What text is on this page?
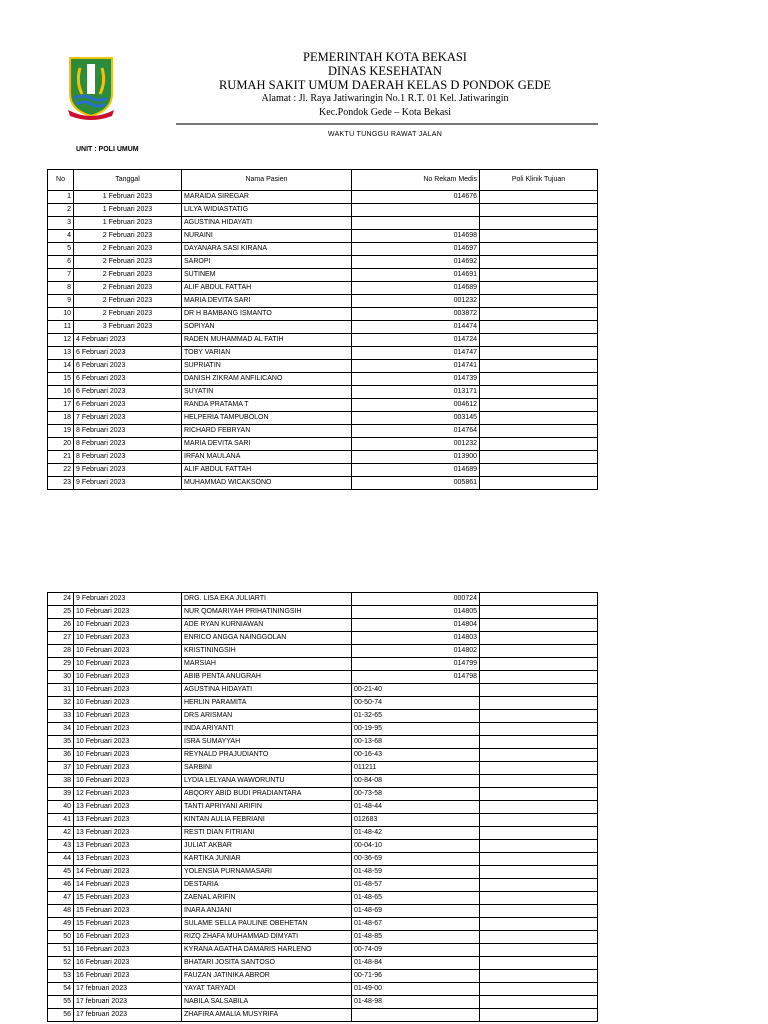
PEMERINTAH KOTA BEKASI
DINAS KESEHATAN
RUMAH SAKIT UMUM DAERAH KELAS D PONDOK GEDE
Alamat : Jl. Raya Jatiwaringin No.1 R.T. 01 Kel. Jatiwaringin
Kec.Pondok Gede – Kota Bekasi
WAKTU TUNGGU RAWAT JALAN
UNIT : POLI UMUM
No	Tanggal	Nama Pasien	No Rekam Medis	Poli Klinik Tujuan
1	1 Februari 2023	MARAIDA SIREGAR	014676	
2	1 Februari 2023	LILYA WIDIASTATIG		
3	1 Februari 2023	AGUSTINA HIDAYATI		
4	2 Februari 2023	NURAINI	014698	
5	2 Februari 2023	DAYANARA SASI KIRANA	014697	
6	2 Februari 2023	SAROPI	014692	
7	2 Februari 2023	SUTINEM	014691	
8	2 Februari 2023	ALIF ABDUL FATTAH	014689	
9	2 Februari 2023	MARIA DEVITA SARI	001232	
10	2 Februari 2023	DR H BAMBANG ISMANTO	003872	
11	3 Februari 2023	SOPIYAN	014474	
12	4 Februari 2023	RADEN MUHAMMAD AL FATIH	014724	
13	6 Februari 2023	TOBY VARIAN	014747	
14	6 Februari 2023	SUPRIATIN	014741	
15	6 Februari 2023	DANISH ZIKRAM ANFILICANO	014739	
16	6 Februari 2023	SUYATIN	013171	
17	6 Februari 2023	RANDA PRATAMA T	004612	
18	7 Februari 2023	HELPERIA TAMPUBOLON	003145	
19	8 Februari 2023	RICHARD FEBRYAN	014764	
20	8 Februari 2023	MARIA DEVITA SARI	001232	
21	8 Februari 2023	IRFAN MAULANA	013900	
22	9 Februari 2023	ALIF ABDUL FATTAH	014689	
23	9 Februari 2023	MUHAMMAD WICAKSONO	005861	
24	9 Februari 2023	DRG. LISA EKA JULIARTI	000724	
25	10 Februari 2023	NUR QOMARIYAH PRIHATININGSIH	014805	
26	10 Februari 2023	ADE RYAN KURNIAWAN	014804	
27	10 Februari 2023	ENRICO ANGGA NAINGGOLAN	014803	
28	10 Februari 2023	KRISTININGSIH	014802	
29	10 Februari 2023	MARSIAH	014799	
30	10 Februari 2023	ABIB PENTA ANUGRAH	014798	
31	10 Februari 2023	AGUSTINA HIDAYATI	00-21-40	
32	10 Februari 2023	HERLIN PARAMITA	00-50-74	
33	10 Februari 2023	DRS ARISMAN	01-32-65	
34	10 Februari 2023	INDA ARIYANTI	00-19-95	
35	10 Februari 2023	ISRA SUMAYYAH	00-13-68	
36	10 Februari 2023	REYNALD PRAJUDIANTO	00-16-43	
37	10 Februari 2023	SARBINI	011211	
38	10 Februari 2023	LYDIA LELYANA WAWORUNTU	00-84-08	
39	12 Februari 2023	ABQORY ABID BUDI PRADIANTARA	00-73-58	
40	13 Februari 2023	TANTI APRIYANI ARIFIN	01-48-44	
41	13 Februari 2023	KINTAN AULIA FEBRIANI	012683	
42	13 Februari 2023	RESTI DIAN FITRIANI	01-48-42	
43	13 Februari 2023	JULIAT AKBAR	00-04-10	
44	13 Februari 2023	KARTIKA JUNIAR	00-36-69	
45	14 Februari 2023	YOLENSIA PURNAMASARI	01-48-59	
46	14 Februari 2023	DESTARIA	01-48-57	
47	15 Februari 2023	ZAENAL ARIFIN	01-48-65	
48	15 Februari 2023	INARA ANJANI	01-48-69	
49	15 Februari 2023	SULAME SELLA PAULINE OBEHETAN	01-48-67	
50	16 Februari 2023	RIZQ ZHAFA MUHAMMAD DIMYATI	01-48-85	
51	16 Februari 2023	KYRANA AGATHA DAMARIS HARLENO	00-74-09	
52	16 Februari 2023	BHATARI JOSITA SANTOSO	01-48-84	
53	16 Februari 2023	FAUZAN JATINIKA ABROR	00-71-96	
54	17 februari 2023	YAYAT TARYADI	01-49-00	
55	17 februari 2023	NABILA SALSABILA	01-48-98	
56	17 februari 2023	ZHAFIRA AMALIA MUSYRIFA		
